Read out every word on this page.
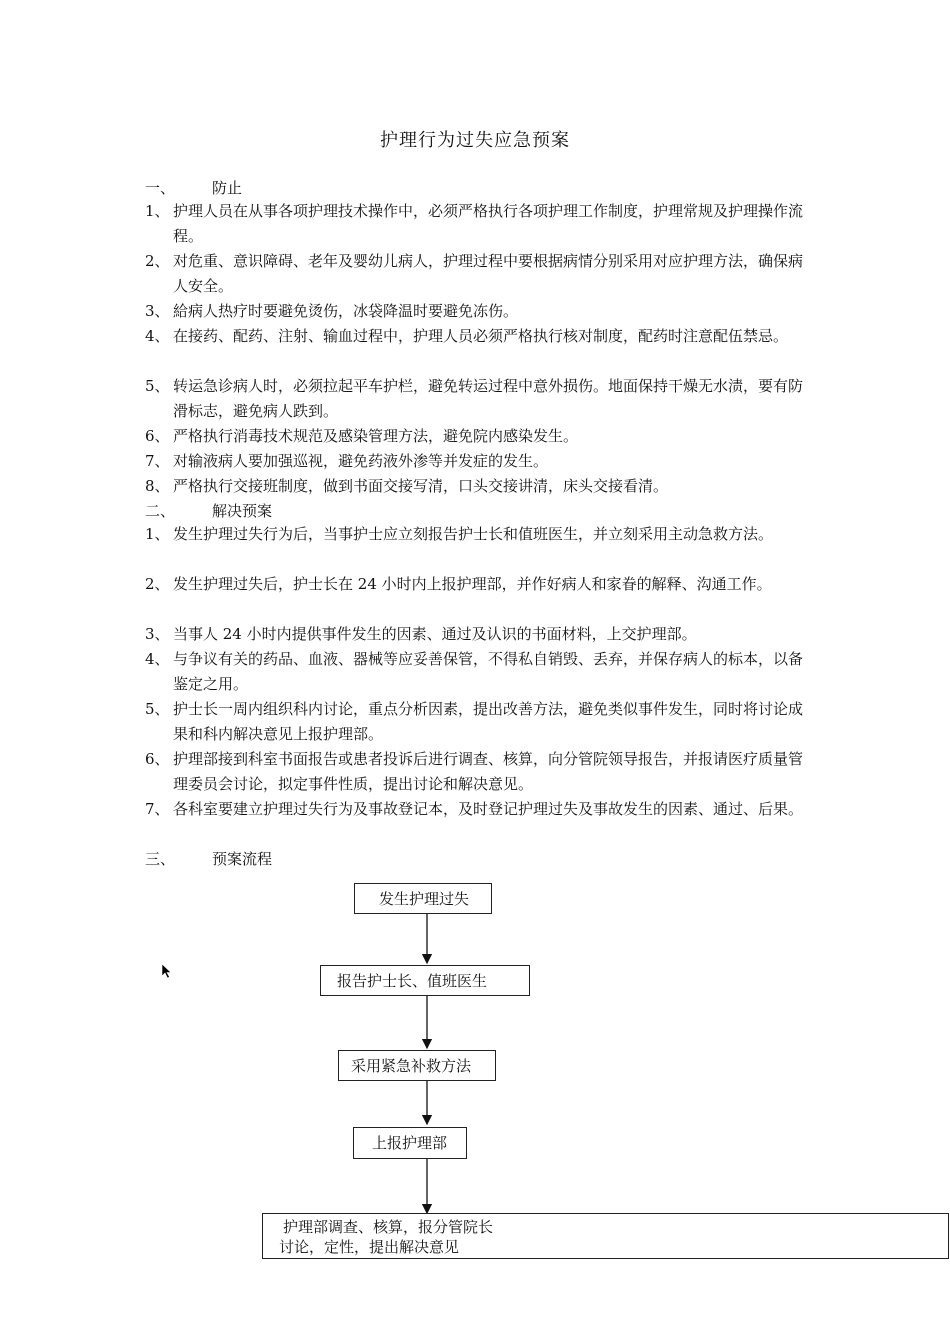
护理行为过失应急预案
一、 防止
1、 护理人员在从事各项护理技术操作中，必须严格执行各项护理工作制度，护理常规及护理操作流程。
2、 对危重、意识障碍、老年及婴幼儿病人，护理过程中要根据病情分别采用对应护理方法，确保病人安全。
3、 給病人热疗时要避免烫伤，冰袋降温时要避免冻伤。
4、 在接药、配药、注射、输血过程中，护理人员必须严格执行核对制度，配药时注意配伍禁忌。
5、 转运急诊病人时，必须拉起平车护栏，避免转运过程中意外损伤。地面保持干燥无水渍，要有防滑标志，避免病人跌到。
6、 严格执行消毒技术规范及感染管理方法，避免院内感染发生。
7、 对输液病人要加强巡视，避免药液外渗等并发症的发生。
8、 严格执行交接班制度，做到书面交接写清，口头交接讲清，床头交接看清。
二、 解决预案
1、 发生护理过失行为后，当事护士应立刻报告护士长和值班医生，并立刻采用主动急救方法。
2、 发生护理过失后，护士长在 24 小时内上报护理部，并作好病人和家眷的解释、沟通工作。
3、 当事人 24 小时内提供事件发生的因素、通过及认识的书面材料，上交护理部。
4、 与争议有关的药品、血液、器械等应妥善保管，不得私自销毁、丢弃，并保存病人的标本，以备鉴定之用。
5、 护士长一周内组织科内讨论，重点分析因素，提出改善方法，避免类似事件发生，同时将讨论成果和科内解决意见上报护理部。
6、 护理部接到科室书面报告或患者投诉后进行调查、核算，向分管院领导报告，并报请医疗质量管理委员会讨论，拟定事件性质，提出讨论和解决意见。
7、 各科室要建立护理过失行为及事故登记本，及时登记护理过失及事故发生的因素、通过、后果。
三、 预案流程
发生护理过失
报告护士长、值班医生
采用紧急补救方法
上报护理部
护理部调查、核算，报分管院长
讨论，定性，提出解决意见
